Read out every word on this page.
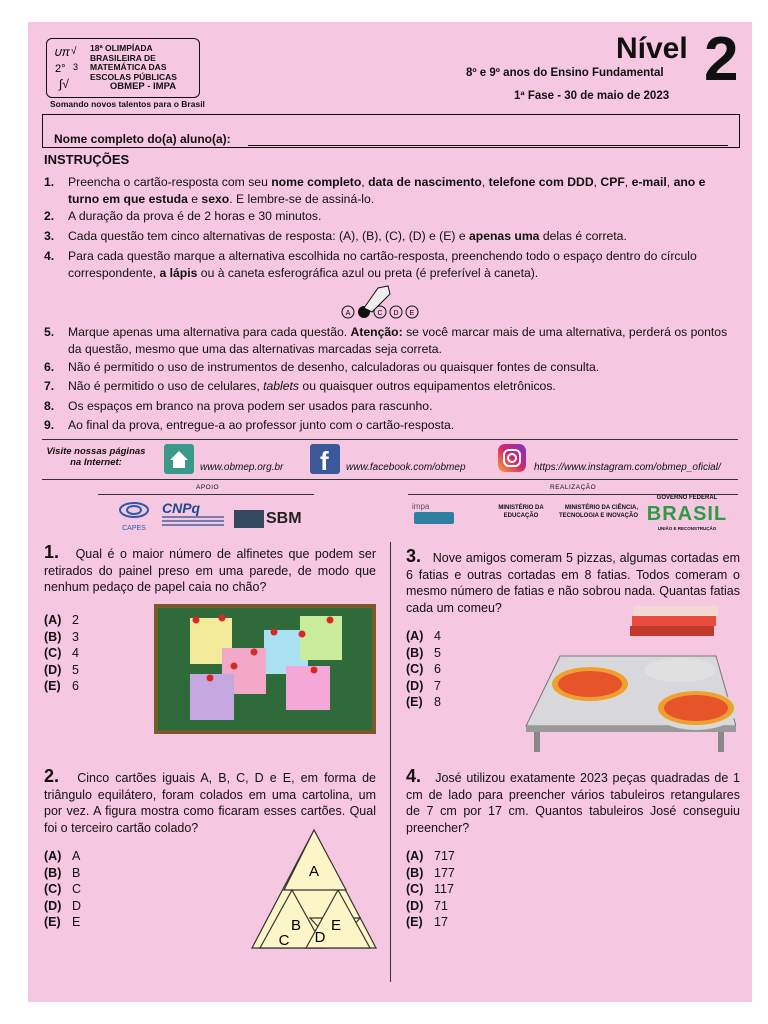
∪π √
2° 3
∫√
18ª OLIMPÍADA BRASILEIRA DE MATEMÁTICA DAS ESCOLAS PÚBLICAS
OBMEP - IMPA
Somando novos talentos para o Brasil
Nível 2
8º e 9º anos do Ensino Fundamental
1ª Fase - 30 de maio de 2023
Nome completo do(a) aluno(a):
INSTRUÇÕES
1.	Preencha o cartão-resposta com seu nome completo, data de nascimento, telefone com DDD, CPF, e-mail, ano e turno em que estuda e sexo. E lembre-se de assiná-lo.
2.	A duração da prova é de 2 horas e 30 minutos.
3.	Cada questão tem cinco alternativas de resposta: (A), (B), (C), (D) e (E) e apenas uma delas é correta.
4.	Para cada questão marque a alternativa escolhida no cartão-resposta, preenchendo todo o espaço dentro do círculo correspondente, a lápis ou à caneta esferográfica azul ou preta (é preferível à caneta).
A	C D E
5.	Marque apenas uma alternativa para cada questão. Atenção: se você marcar mais de uma alternativa, perderá os pontos da questão, mesmo que uma das alternativas marcadas seja correta.
6.	Não é permitido o uso de instrumentos de desenho, calculadoras ou quaisquer fontes de consulta.
7.	Não é permitido o uso de celulares, tablets ou quaisquer outros equipamentos eletrônicos.
8.	Os espaços em branco na prova podem ser usados para rascunho.
9.	Ao final da prova, entregue-a ao professor junto com o cartão-resposta.
Visite nossas páginas na Internet:	www.obmep.org.br f www.facebook.com/obmep	https://www.instagram.com/obmep_oficial/
APOIO	REALIZAÇÃO
CAPES
CNPq
SBM
impa	MINISTÉRIO DA EDUCAÇÃO
MINISTÉRIO DA CIÊNCIA, TECNOLOGIA E INOVAÇÃO
GOVERNO FEDERAL
BRASIL
UNIÃO E RECONSTRUÇÃO
1. Qual é o maior número de alfinetes que podem ser retirados do painel preso em uma parede, de modo que nenhum pedaço de papel caia no chão?
(A) 2
(B) 3
(C) 4
(D) 5
(E) 6
3. Nove amigos comeram 5 pizzas, algumas cortadas em 6 fatias e outras cortadas em 8 fatias. Todos comeram o mesmo número de fatias e não sobrou nada. Quantas fatias cada um comeu?
(A) 4
(B) 5
(C) 6
(D) 7
(E) 8
2. Cinco cartões iguais A, B, C, D e E, em forma de triângulo equilátero, foram colados em uma cartolina, um por vez. A figura mostra como ficaram esses cartões. Qual foi o terceiro cartão colado?
(A) A
(B) B
(C) C
(D) D
(E) E
A
B E
C D
4. José utilizou exatamente 2023 peças quadradas de 1 cm de lado para preencher vários tabuleiros retangulares de 7 cm por 17 cm. Quantos tabuleiros José conseguiu preencher?
(A) 717
(B) 177
(C) 117
(D) 71
(E) 17
